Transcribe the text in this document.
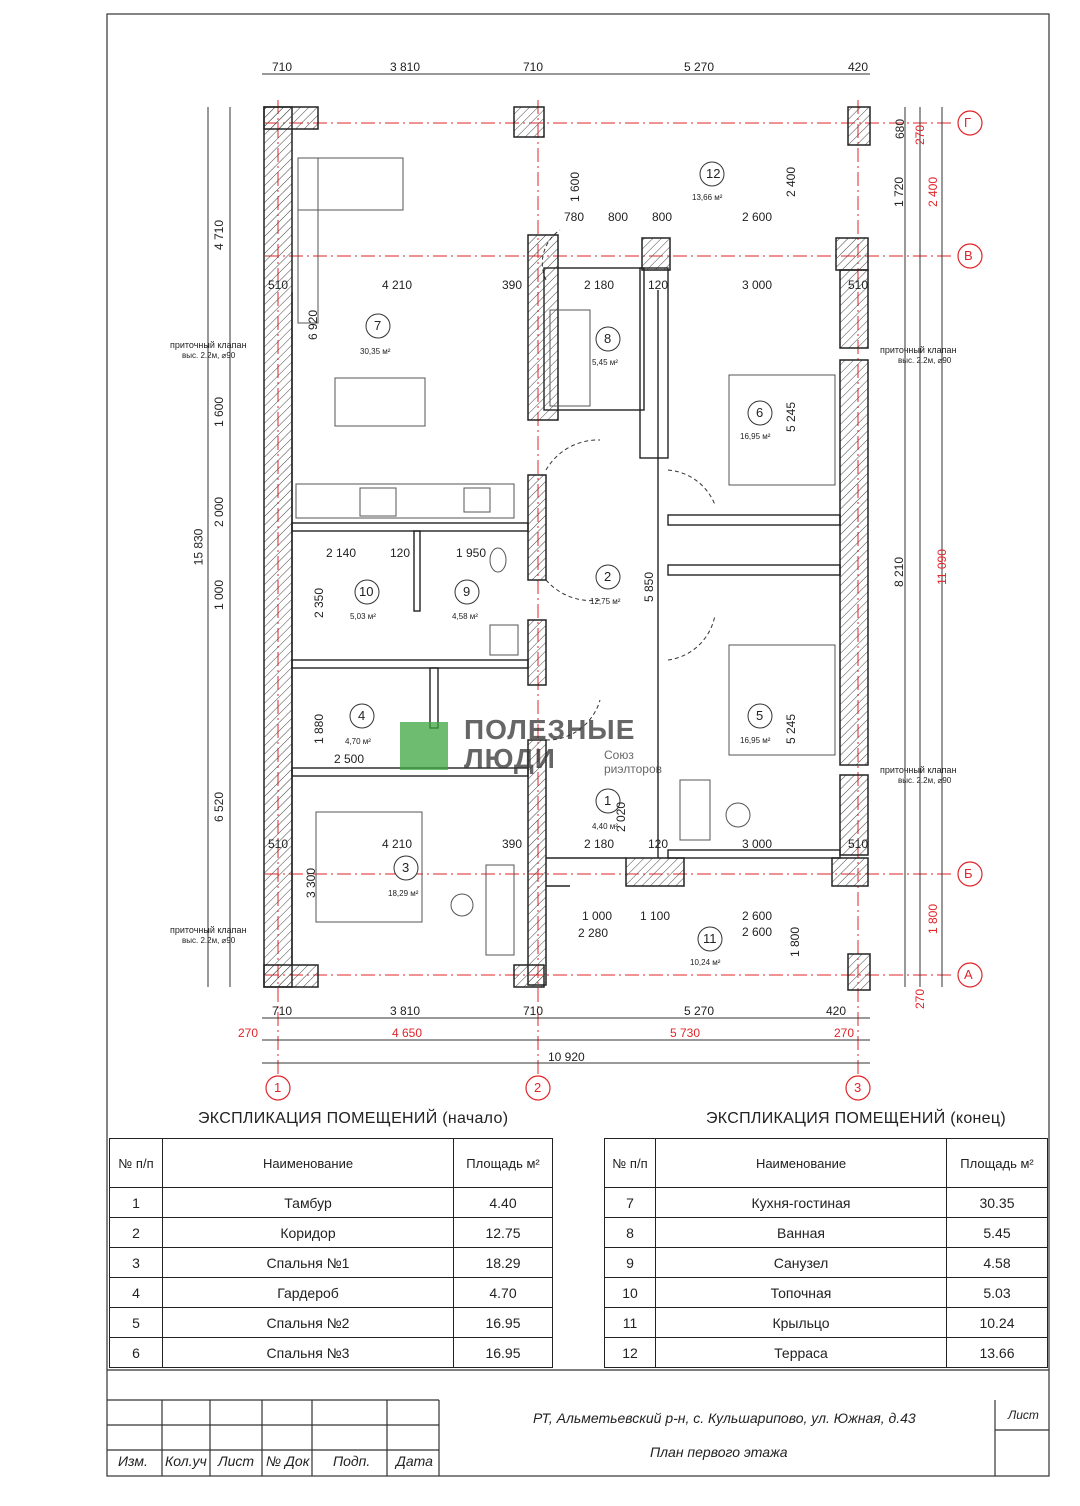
710	3 810	710	5 270	420
710	3 810	710	5 270	420
270	4 650	5 730	270
10 920
15 830
4 710
6 920
1 600
2 000
1 000
6 520
11 090
8 210
2 400
1 800
1 720
680 270
270
Г
В
Б
А
1	2	3
приточный клапан
выс. 2.2м, ⌀90
приточный клапан
выс. 2.2м, ⌀90
приточный клапан
выс. 2.2м, ⌀90
приточный клапан
выс. 2.2м, ⌀90
12
13,66 м²
7
30,35 м²
8
5,45 м²
6
16,95 м²
10
5,03 м²
9
4,58 м²
2
12,75 м²
4
4,70 м²
5
16,95 м²
1
4,40 м²
3
18,29 м²
11
10,24 м²
4 210	390	2 180	120	3 000	510
510
2 140	120	1 950
2 350
2 500
1 880
5 850
5 245
5 245
2 400
1 600
780 800 800	2 600
4 210	390	2 180	120	3 000	510
510
1 000 1 100	2 600
2 600
2 280	1 800
3 300
2 020
ПОЛЕЗНЫЕ
ЛЮДИ	Союз
риэлторов
ЭКСПЛИКАЦИЯ ПОМЕЩЕНИЙ (начало)
№ п/п	Наименование	Площадь м²
1	Тамбур	4.40
2	Коридор	12.75
3	Спальня №1	18.29
4	Гардероб	4.70
5	Спальня №2	16.95
6	Спальня №3	16.95
ЭКСПЛИКАЦИЯ ПОМЕЩЕНИЙ (конец)
№ п/п	Наименование	Площадь м²
7	Кухня-гостиная	30.35
8	Ванная	5.45
9	Санузел	4.58
10	Топочная	5.03
11	Крыльцо	10.24
12	Терраса	13.66
РТ, Альметьевский р-н, с. Кульшарипово, ул. Южная, д.43
План первого этажа
Лист
Изм. Кол.уч Лист № Док Подп. Дата
